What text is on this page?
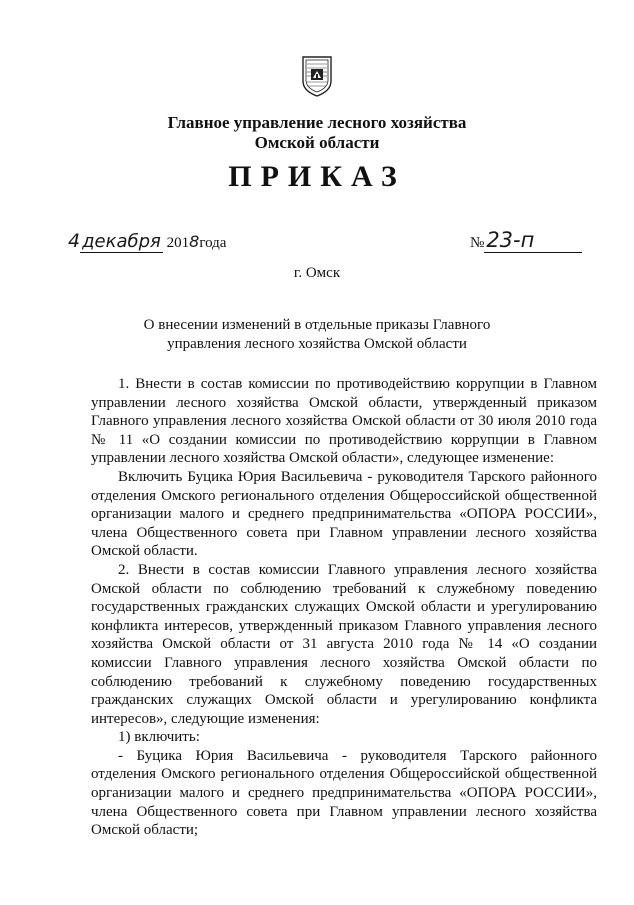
Главное управление лесного хозяйства
Омской области
ПРИКАЗ
4 декабря 2018года	№23-п
г. Омск
О внесении изменений в отдельные приказы Главного
управления лесного хозяйства Омской области

1. Внести в состав комиссии по противодействию коррупции в Главном управлении лесного хозяйства Омской области, утвержденный приказом Главного управления лесного хозяйства Омской области от 30 июля 2010 года № 11 «О создании комиссии по противодействию коррупции в Главном управлении лесного хозяйства Омской области», следующее изменение:

Включить Буцика Юрия Васильевича - руководителя Тарского районного отделения Омского регионального отделения Общероссийской общественной организации малого и среднего предпринимательства «ОПОРА РОССИИ», члена Общественного совета при Главном управлении лесного хозяйства Омской области.

2. Внести в состав комиссии Главного управления лесного хозяйства Омской области по соблюдению требований к служебному поведению государственных гражданских служащих Омской области и урегулированию конфликта интересов, утвержденный приказом Главного управления лесного хозяйства Омской области от 31 августа 2010 года № 14 «О создании комиссии Главного управления лесного хозяйства Омской области по соблюдению требований к служебному поведению государственных гражданских служащих Омской области и урегулированию конфликта интересов», следующие изменения:

1) включить:

- Буцика Юрия Васильевича - руководителя Тарского районного отделения Омского регионального отделения Общероссийской общественной организации малого и среднего предпринимательства «ОПОРА РОССИИ», члена Общественного совета при Главном управлении лесного хозяйства Омской области;
